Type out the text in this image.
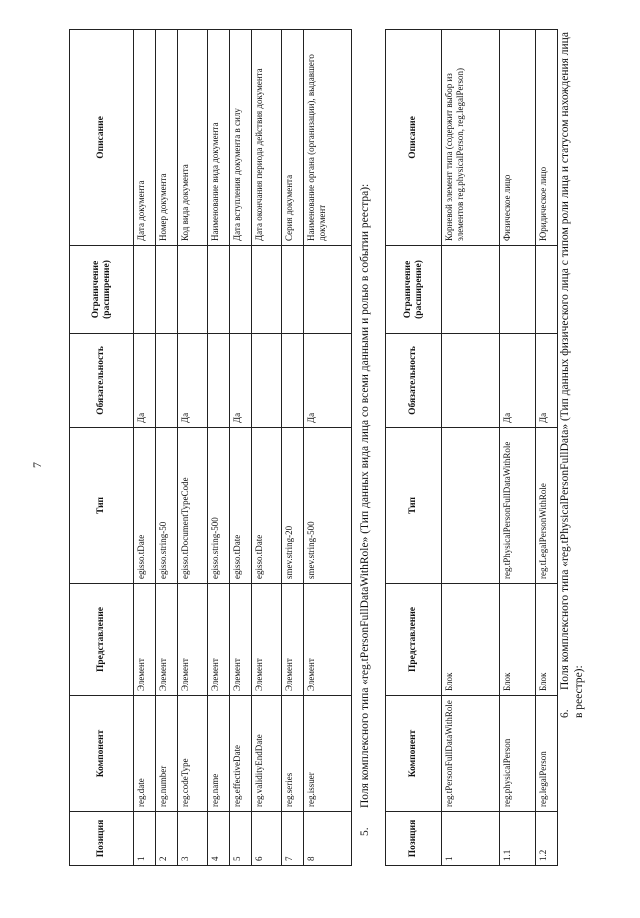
7
Позиция	Компонент	Представление	Тип	Обязательность	Ограничение (расширение)	Описание
1	reg.date	Элемент	egisso.tDate	Да		Дата документа
2	reg.number	Элемент	egisso.string-50			Номер документа
3	reg.codeType	Элемент	egisso.tDocumentTypeCode	Да		Код вида документа
4	reg.name	Элемент	egisso.string-500			Наименование вида документа
5	reg.effectiveDate	Элемент	egisso.tDate	Да		Дата вступления документа в силу
6	reg.validityEndDate	Элемент	egisso.tDate			Дата окончания периода действия документа
7	reg.series	Элемент	smev.string-20			Серия документа
8	reg.issuer	Элемент	smev.string-500	Да		Наименование органа (организации), выдавшего документ
5.Поля комплексного типа «reg.tPersonFullDataWithRole» (Тип данных вида лица со всеми данными и ролью в событии реестра):
Позиция	Компонент	Представление	Тип	Обязательность	Ограничение (расширение)	Описание
1	reg.tPersonFullDataWithRole	Блок				Корневой элемент типа (содержит выбор из элементов reg.physicalPerson, reg.legalPerson)
1.1	reg.physicalPerson	Блок	reg.tPhysicalPersonFullDataWithRole	Да		Физическое лицо
1.2	reg.legalPerson	Блок	reg.tLegalPersonWithRole	Да		Юридическое лицо
6.Поля комплексного типа «reg.tPhysicalPersonFullData» (Тип данных физического лица с типом роли лица и статусом нахождения лица в реестре):
